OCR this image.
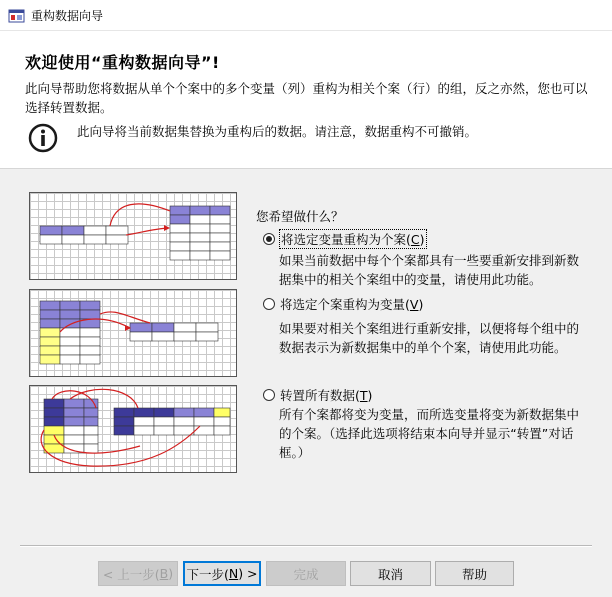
重构数据向导
欢迎使用“重构数据向导”!
此向导帮助您将数据从单个个案中的多个变量（列）重构为相关个案（行）的组，反之亦然，您也可以选择转置数据。
此向导将当前数据集替换为重构后的数据。请注意，数据重构不可撤销。
您希望做什么？
将选定变量重构为个案(C)
如果当前数据中每个个案都具有一些要重新安排到新数据集中的相关个案组中的变量，请使用此功能。
将选定个案重构为变量(V)
如果要对相关个案组进行重新安排，以便将每个组中的数据表示为新数据集中的单个个案，请使用此功能。
转置所有数据(T)
所有个案都将变为变量，而所选变量将变为新数据集中的个案。（选择此选项将结束本向导并显示“转置”对话框。）
< 上一步( B ) 下一步( N ) >	完成	取消	帮助
